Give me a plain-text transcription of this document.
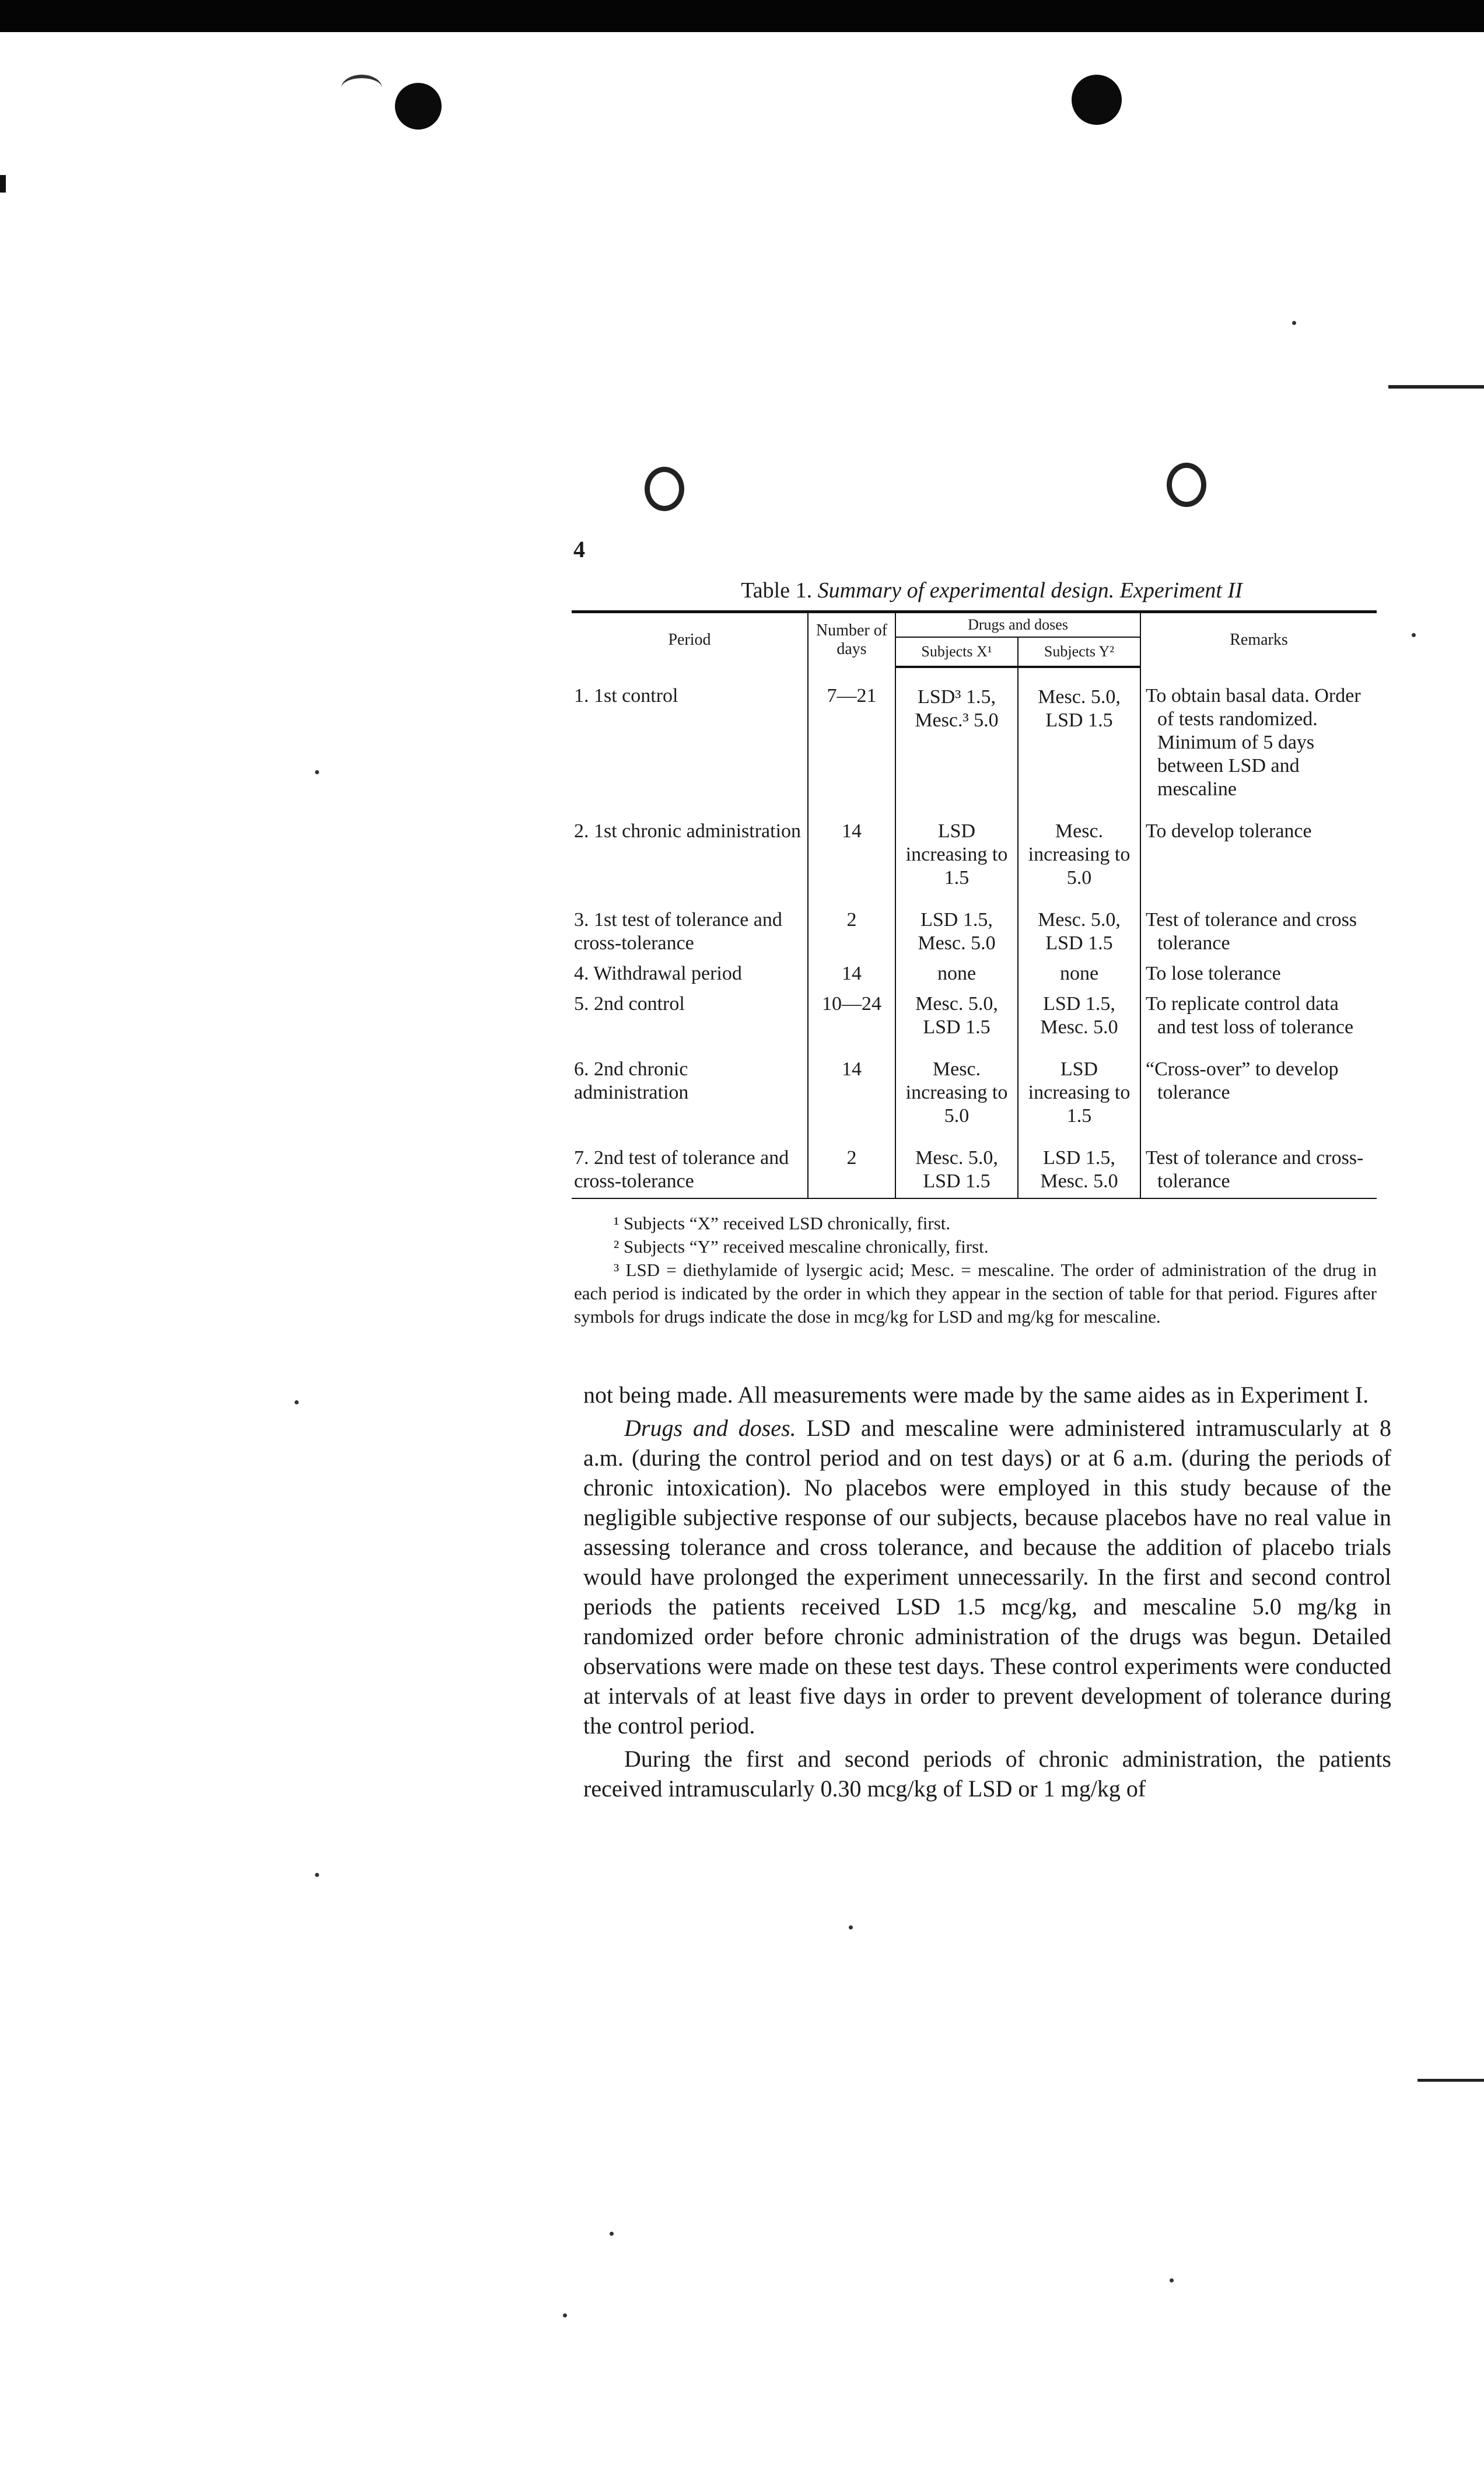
4
Table 1. Summary of experimental design. Experiment II
Period	Number of days	Drugs and doses		Remarks
		Subjects X¹	Subjects Y²	
1. 1st control	7—21	LSD³ 1.5, Mesc.³ 5.0	Mesc. 5.0, LSD 1.5	To obtain basal data. Order of tests randomized. Minimum of 5 days between LSD and mescaline
2. 1st chronic administration	14	LSD increasing to 1.5	Mesc. increasing to 5.0	To develop tolerance
3. 1st test of tolerance and cross-tolerance	2	LSD 1.5, Mesc. 5.0	Mesc. 5.0, LSD 1.5	Test of tolerance and cross tolerance
4. Withdrawal period	14	none	none	To lose tolerance
5. 2nd control	10—24	Mesc. 5.0, LSD 1.5	LSD 1.5, Mesc. 5.0	To replicate control data and test loss of tolerance
6. 2nd chronic administration	14	Mesc. increasing to 5.0	LSD increasing to 1.5	“Cross-over” to develop tolerance
7. 2nd test of tolerance and cross-tolerance	2	Mesc. 5.0, LSD 1.5	LSD 1.5, Mesc. 5.0	Test of tolerance and cross-tolerance
¹ Subjects “X” received LSD chronically, first.
² Subjects “Y” received mescaline chronically, first.
³ LSD = diethylamide of lysergic acid; Mesc. = mescaline. The order of administration of the drug in each period is indicated by the order in which they appear in the section of table for that period. Figures after symbols for drugs indicate the dose in mcg/kg for LSD and mg/kg for mescaline.

not being made. All measurements were made by the same aides as in Experiment I.

Drugs and doses. LSD and mescaline were administered intramuscularly at 8 a.m. (during the control period and on test days) or at 6 a.m. (during the periods of chronic intoxication). No placebos were employed in this study because of the negligible subjective response of our subjects, because placebos have no real value in assessing tolerance and cross tolerance, and because the addition of placebo trials would have prolonged the experiment unnecessarily. In the first and second control periods the patients received LSD 1.5 mcg/kg, and mescaline 5.0 mg/kg in randomized order before chronic administration of the drugs was begun. Detailed observations were made on these test days. These control experiments were conducted at intervals of at least five days in order to prevent development of tolerance during the control period.

During the first and second periods of chronic administration, the patients received intramuscularly 0.30 mcg/kg of LSD or 1 mg/kg of
